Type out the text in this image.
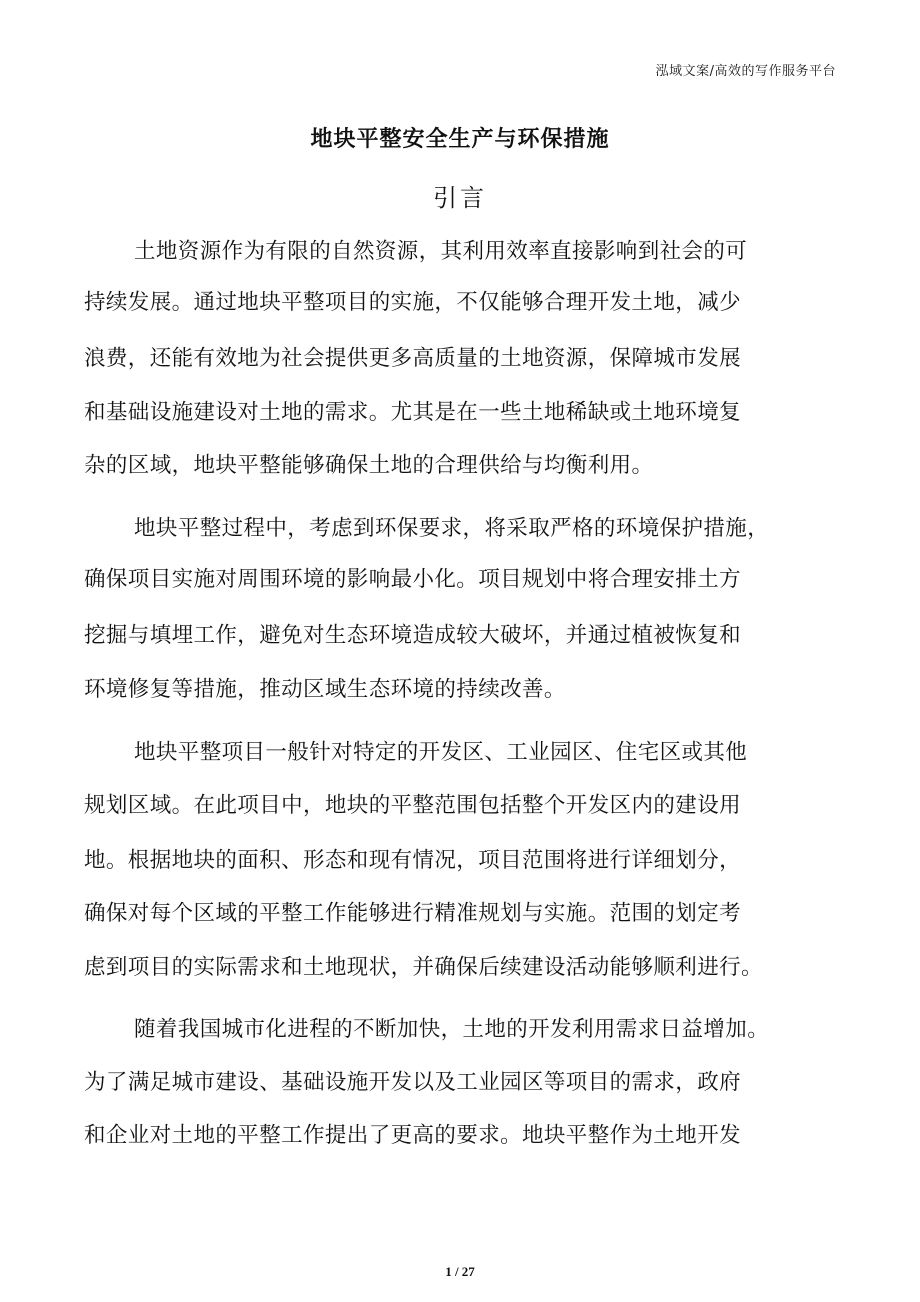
泓域文案/高效的写作服务平台
地块平整安全生产与环保措施
引言
土地资源作为有限的自然资源，其利用效率直接影响到社会的可
持续发展。通过地块平整项目的实施，不仅能够合理开发土地，减少
浪费，还能有效地为社会提供更多高质量的土地资源，保障城市发展
和基础设施建设对土地的需求。尤其是在一些土地稀缺或土地环境复
杂的区域，地块平整能够确保土地的合理供给与均衡利用。
地块平整过程中，考虑到环保要求，将采取严格的环境保护措施，
确保项目实施对周围环境的影响最小化。项目规划中将合理安排土方
挖掘与填埋工作，避免对生态环境造成较大破坏，并通过植被恢复和
环境修复等措施，推动区域生态环境的持续改善。
地块平整项目一般针对特定的开发区、工业园区、住宅区或其他
规划区域。在此项目中，地块的平整范围包括整个开发区内的建设用
地。根据地块的面积、形态和现有情况，项目范围将进行详细划分，
确保对每个区域的平整工作能够进行精准规划与实施。范围的划定考
虑到项目的实际需求和土地现状，并确保后续建设活动能够顺利进行。
随着我国城市化进程的不断加快，土地的开发利用需求日益增加。
为了满足城市建设、基础设施开发以及工业园区等项目的需求，政府
和企业对土地的平整工作提出了更高的要求。地块平整作为土地开发
1 / 27
